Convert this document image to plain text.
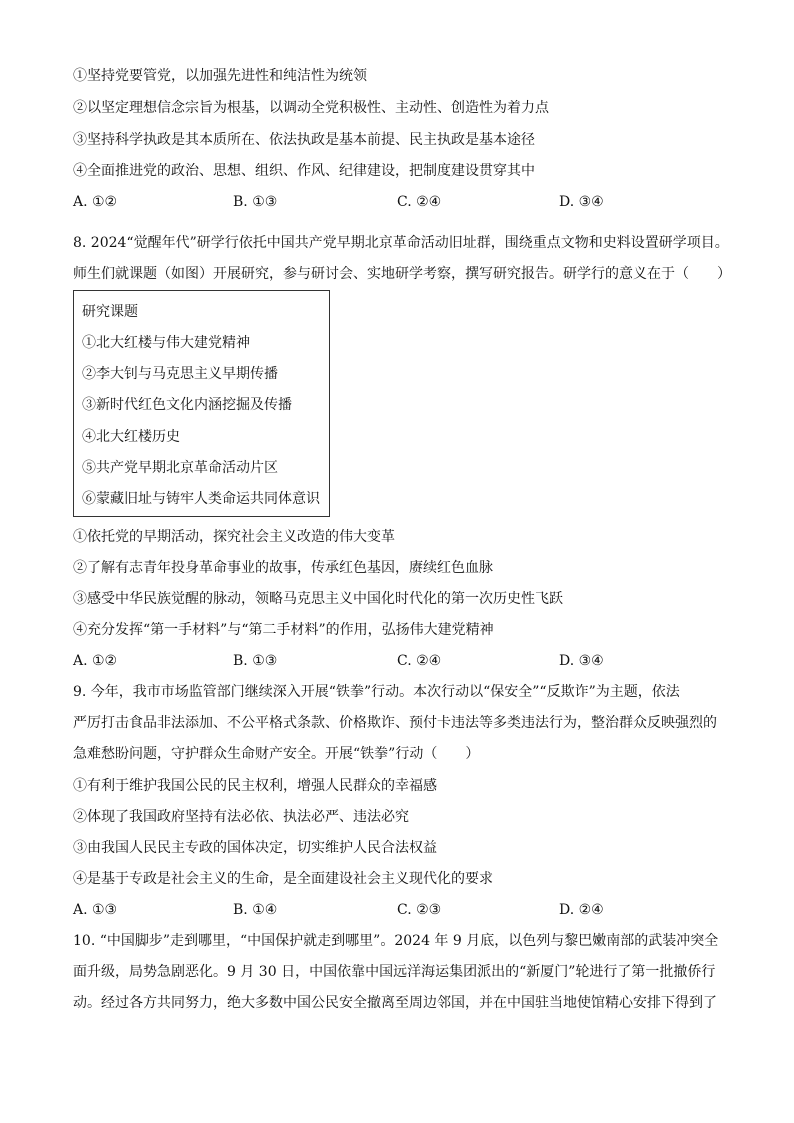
①坚持党要管党，以加强先进性和纯洁性为统领
②以坚定理想信念宗旨为根基，以调动全党积极性、主动性、创造性为着力点
③坚持科学执政是其本质所在、依法执政是基本前提、民主执政是基本途径
④全面推进党的政治、思想、组织、作风、纪律建设，把制度建设贯穿其中
A. ①②	B. ①③	C. ②④	D. ③④
8. 2024“觉醒年代”研学行依托中国共产党早期北京革命活动旧址群，围绕重点文物和史料设置研学项目。
师生们就课题（如图）开展研究，参与研讨会、实地研学考察，撰写研究报告。研学行的意义在于（　　）
研究课题
①北大红楼与伟大建党精神
②李大钊与马克思主义早期传播
③新时代红色文化内涵挖掘及传播
④北大红楼历史
⑤共产党早期北京革命活动片区
⑥蒙藏旧址与铸牢人类命运共同体意识
①依托党的早期活动，探究社会主义改造的伟大变革
②了解有志青年投身革命事业的故事，传承红色基因，赓续红色血脉
③感受中华民族觉醒的脉动，领略马克思主义中国化时代化的第一次历史性飞跃
④充分发挥“第一手材料”与“第二手材料”的作用，弘扬伟大建党精神
A. ①②	B. ①③	C. ②④	D. ③④
9. 今年，我市市场监管部门继续深入开展“铁拳”行动。本次行动以“保安全”“反欺诈”为主题，依法
严厉打击食品非法添加、不公平格式条款、价格欺诈、预付卡违法等多类违法行为，整治群众反映强烈的
急难愁盼问题，守护群众生命财产安全。开展“铁拳”行动（　　）
①有利于维护我国公民的民主权利，增强人民群众的幸福感
②体现了我国政府坚持有法必依、执法必严、违法必究
③由我国人民民主专政的国体决定，切实维护人民合法权益
④是基于专政是社会主义的生命，是全面建设社会主义现代化的要求
A. ①③	B. ①④	C. ②③	D. ②④
10. “中国脚步”走到哪里，“中国保护就走到哪里”。2024 年 9 月底，以色列与黎巴嫩南部的武装冲突全
面升级，局势急剧恶化。9 月 30 日，中国依靠中国远洋海运集团派出的“新厦门”轮进行了第一批撤侨行
动。经过各方共同努力，绝大多数中国公民安全撤离至周边邻国，并在中国驻当地使馆精心安排下得到了
